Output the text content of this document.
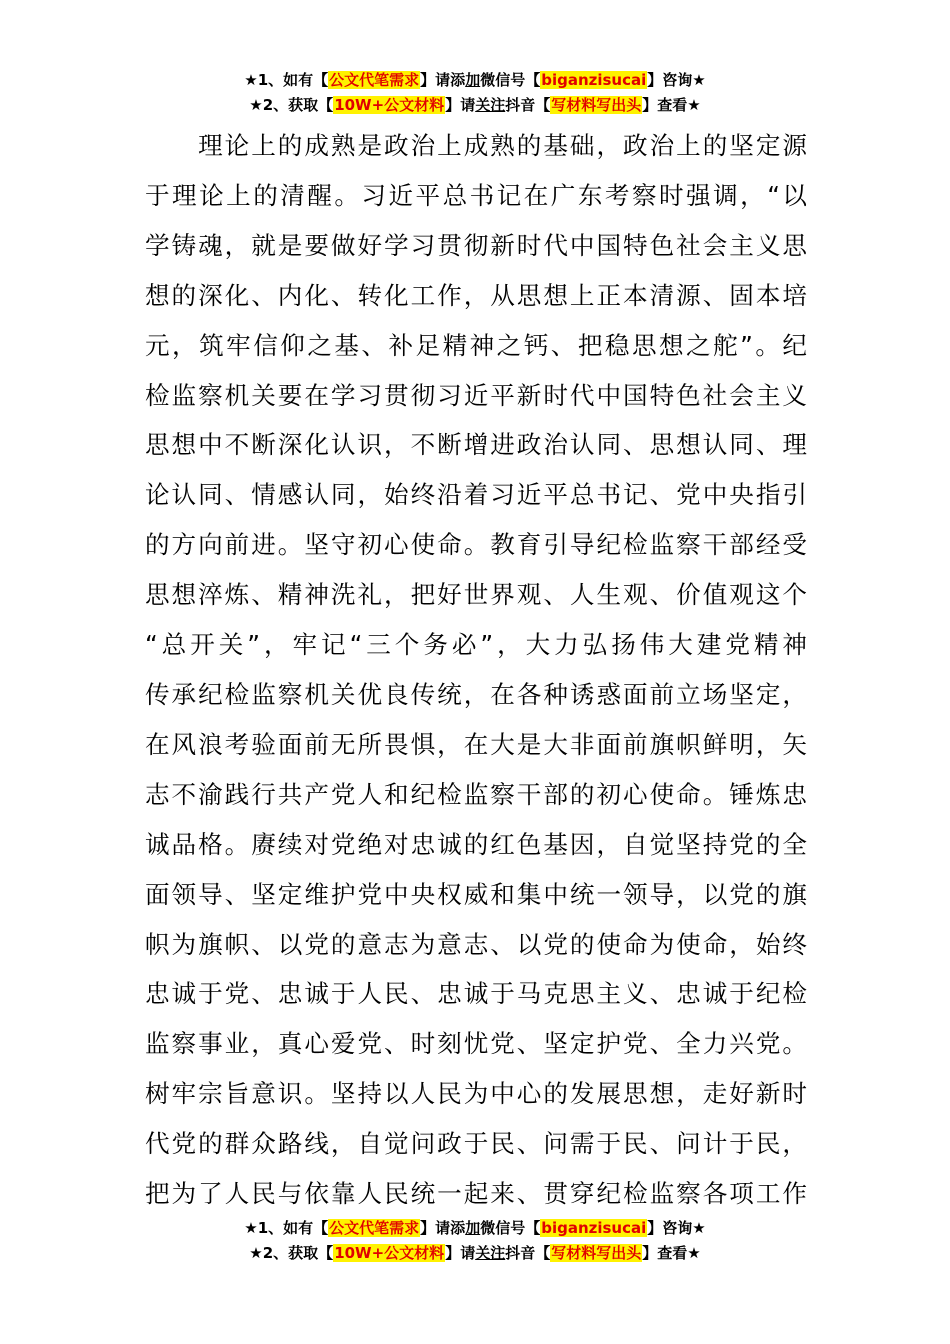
★1、如有【公文代笔需求】请添加微信号【biganzisucai】咨询★
★2、获取【10W+公文材料】请关注抖音【写材料写出头】查看★
　　理论上的成熟是政治上成熟的基础，政治上的坚定源
于理论上的清醒。习近平总书记在广东考察时强调，“以
学铸魂，就是要做好学习贯彻新时代中国特色社会主义思
想的深化、内化、转化工作，从思想上正本清源、固本培
元，筑牢信仰之基、补足精神之钙、把稳思想之舵”。纪
检监察机关要在学习贯彻习近平新时代中国特色社会主义
思想中不断深化认识，不断增进政治认同、思想认同、理
论认同、情感认同，始终沿着习近平总书记、党中央指引
的方向前进。坚守初心使命。教育引导纪检监察干部经受
思想淬炼、精神洗礼，把好世界观、人生观、价值观这个
“总开关”，牢记“三个务必”，大力弘扬伟大建党精神
传承纪检监察机关优良传统，在各种诱惑面前立场坚定，
在风浪考验面前无所畏惧，在大是大非面前旗帜鲜明，矢
志不渝践行共产党人和纪检监察干部的初心使命。锤炼忠
诚品格。赓续对党绝对忠诚的红色基因，自觉坚持党的全
面领导、坚定维护党中央权威和集中统一领导，以党的旗
帜为旗帜、以党的意志为意志、以党的使命为使命，始终
忠诚于党、忠诚于人民、忠诚于马克思主义、忠诚于纪检
监察事业，真心爱党、时刻忧党、坚定护党、全力兴党。
树牢宗旨意识。坚持以人民为中心的发展思想，走好新时
代党的群众路线，自觉问政于民、问需于民、问计于民，
把为了人民与依靠人民统一起来、贯穿纪检监察各项工作
★1、如有【公文代笔需求】请添加微信号【biganzisucai】咨询★
★2、获取【10W+公文材料】请关注抖音【写材料写出头】查看★
